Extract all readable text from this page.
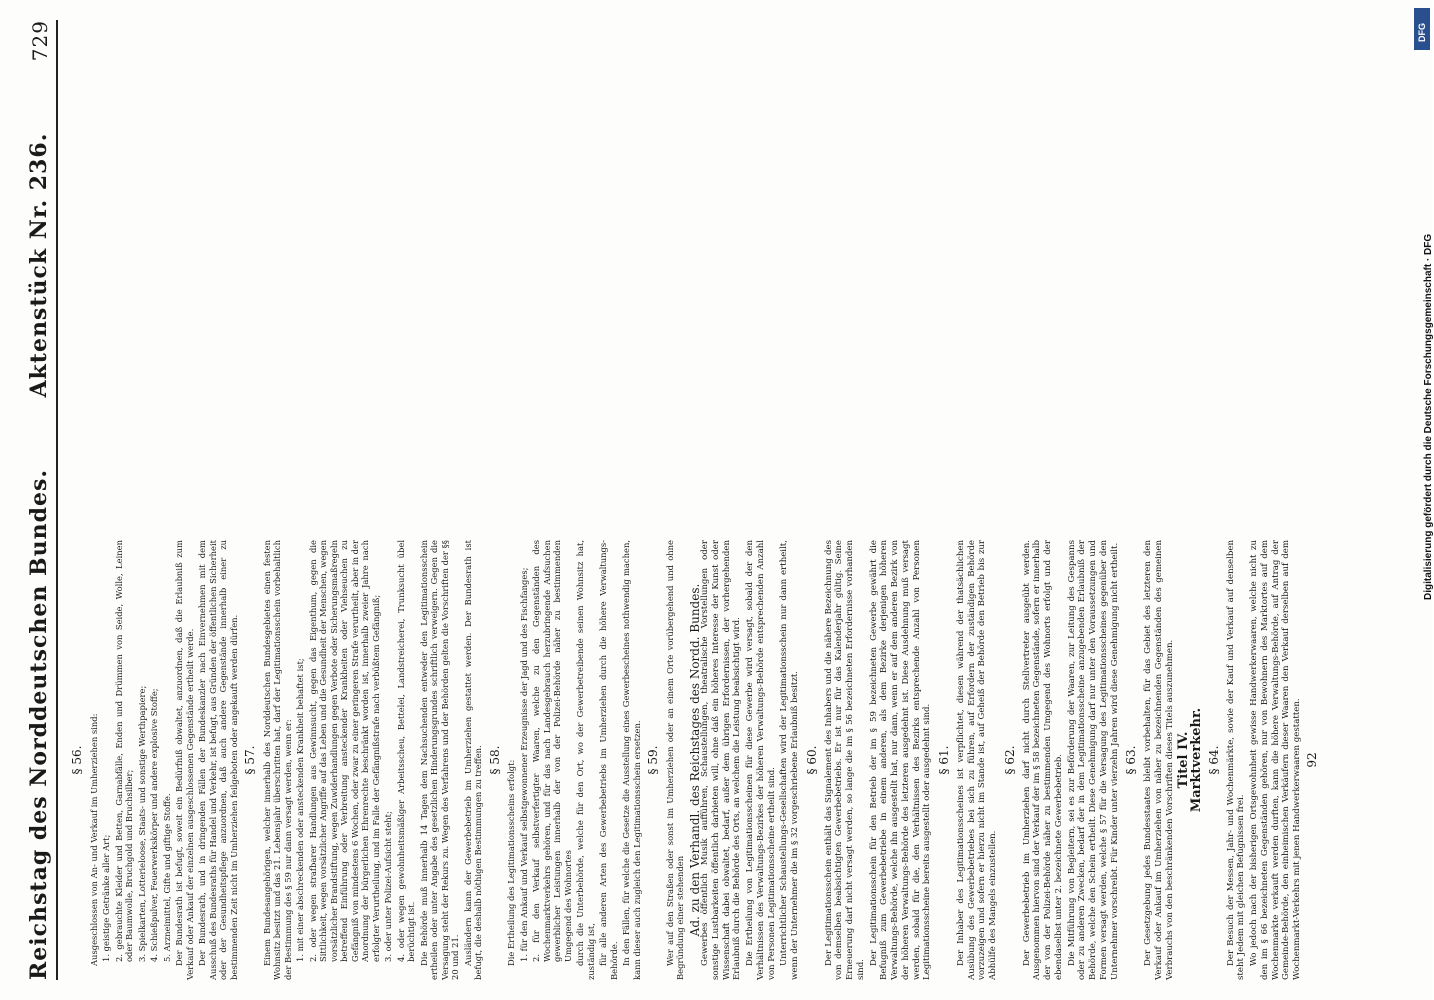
Reichstag des Norddeutschen Bundes.
Aktenstück Nr. 236.
729
§ 56. Ausgeschlossen von An- und Verkauf im Umherziehen sind: 1. geistige Getränke aller Art; 2. gebrauchte Kleider und Betten, Garnabfälle, Enden und Drümmen von Seide, Wolle, Leinen oder Baumwolle, Bruchgold und Bruchsilber; 3. Spielkarten, Lotterieloose, Staats- und sonstige Werthpapiere; 4. Schießpulver, Feuerwerkskörper und andere explosive Stoffe; 5. Arzneimittel, Gifte und giftige Stoffe. Der Bundesrath ist befugt, soweit ein Bedürfniß obwaltet, anzuordnen, daß die Erlaubniß zum Verkauf oder Ankauf der einzelnen ausgeschlossenen Gegenstände ertheilt werde. Der Bundesrath, und in dringenden Fällen der Bundeskanzler nach Einvernehmen mit dem Ausschuß des Bundesraths für Handel und Verkehr, ist befugt, aus Gründen der öffentlichen Sicherheit oder der Gesundheitspflege anzuordnen, daß auch andere Gegenstände innerhalb einer zu bestimmenden Zeit nicht im Umherziehen feilgeboten oder angekauft werden dürfen. § 57. Einem Bundesangehörigen, welcher innerhalb des Norddeutschen Bundesgebietes einen festen Wohnsitz besitzt und das 21. Lebensjahr überschritten hat, darf der Legitimationsschein vorbehaltlich der Bestimmung des § 59 nur dann versagt werden, wenn er: 1. mit einer abschreckenden oder ansteckenden Krankheit behaftet ist; 2. oder wegen strafbarer Handlungen aus Gewinnsucht, gegen das Eigenthum, gegen die Sittlichkeit, wegen vorsätzlicher Angriffe auf das Leben und die Gesundheit der Menschen, wegen vorsätzlicher Brandstiftung, wegen Zuwiderhandlungen gegen Verbote oder Sicherungsmaßregeln betreffend Einführung oder Verbreitung ansteckender Krankheiten oder Viehseuchen zu Gefängniß von mindestens 6 Wochen, oder zwar zu einer geringeren Strafe verurtheilt, aber in der Anordnung der bürgerlichen Ehrenrechte beschränkt worden ist, innerhalb zweier Jahre nach erfolgter Verurtheilung, und im Falle der Gefängnißstrafe nach verbüßtem Gefängniß; 3. oder unter Polizei-Aufsicht steht; 4. oder wegen gewohnheitsmäßiger Arbeitsscheu, Bettelei, Landstreicherei, Trunksucht übel berüchtigt ist. Die Behörde muß innerhalb 14 Tagen dem Nachsuchenden entweder den Legitimationsschein ertheilen oder unter Angabe des gesetzlichen Hinderungsgrundes schriftlich verweigern. Gegen die Versagung steht der Rekurs zu. Wegen des Verfahrens und der Behörden gelten die Vorschriften der §§ 20 und 21. Ausländern kann der Gewerbebetrieb im Umherziehen gestattet werden. Der Bundesrath ist befugt, die deshalb nöthigen Bestimmungen zu treffen. § 58. Die Ertheilung des Legitimationsscheins erfolgt: 1. für den Ankauf und Verkauf selbstgewonnener Erzeugnisse der Jagd und des Fischfanges; 2. für den Verkauf selbstverfertigter Waaren, welche zu den Gegenständen des Wochenmarktverkehrs gehören, und für das nach Landesgebrauch herzubringende Aufsuchen gewerblicher Leistungen innerhalb der von der Polizei-Behörde näher zu bestimmenden Umgegend des Wohnortes durch die Unterbehörde, welche für den Ort, wo der Gewerbetreibende seinen Wohnsitz hat, zuständig ist, für alle anderen Arten des Gewerbebetriebs im Umherziehen durch die höhere Verwaltungs-Behörde. In den Fällen, für welche die Gesetze die Ausstellung eines Gewerbescheines nothwendig machen, kann dieser auch zugleich den Legitimationsschein ersetzen. § 59. Wer auf den Straßen oder sonst im Umherziehen oder an einem Orte vorübergehend und ohne Begründung einer stehenden Ad. zu den Verhandl. des Reichstages des Nordd. Bundes.

Gewerbes öffentlich Musik aufführen, Schaustellungen, theatralische Vorstellungen oder sonstige Lustbarkeiten öffentlich darbieten will, ohne daß ein höheres Interesse der Kunst oder Wissenschaft dabei obwaltet, bedarf, außer dem übrigen Erfordernissen, der vorhergehenden Erlaubniß durch die Behörde des Orts, an welchem die Leistung beabsichtigt wird. Die Ertheilung von Legitimationsscheinen für diese Gewerbe wird versagt, sobald der den Verhältnissen des Verwaltungs-Bezirkes der höheren Verwaltungs-Behörde entsprechenden Anzahl von Personen Legitimationsscheine ertheilt sind. Unterrichtlicher Schaustellungs-Gesellschaften wird der Legitimationsschein nur dann ertheilt, wenn der Unternehmer die im § 32 vorgeschriebene Erlaubniß besitzt. § 60. Der Legitimationsschein enthält das Signalement des Inhabers und die nähere Bezeichnung des von demselben beabsichtigten Gewerbebetriebs. Er ist nur für das Kalenderjahr gültig. Seine Erneuerung darf nicht versagt werden, so lange die im § 56 bezeichneten Erfordernisse vorhanden sind.

Der Legitimationsschein für den Betrieb der im § 59 bezeichneten Gewerbe gewährt die Befugniß zum Gewerbebetriebe in einem anderen, als dem Bezirke derjenigen höheren Verwaltungs-Behörde, welche ihn ausgestellt hat, nur dann, wenn er auf dem anderen Bezirk von der höheren Verwaltungs-Behörde des letzteren ausgedehnt ist. Diese Ausdehnung muß versagt werden, sobald für die, den Verhältnissen des Bezirks entsprechende Anzahl von Personen Legitimationsscheine bereits ausgestellt oder ausgedehnt sind. § 61. Der Inhaber des Legitimationsscheines ist verpflichtet, diesen während der thatsächlichen Ausübung des Gewerbebetriebes bei sich zu führen, auf Erfordern der zuständigen Behörde vorzuzeigen und sofern er hierzu nicht im Stande ist, auf Geheiß der Behörde den Betrieb bis zur Abhülfe des Mangels einzustellen.

§ 62. Der Gewerbebetrieb im Umherziehen darf nicht durch Stellvertreter ausgeübt werden. Ausgenommen hiervon sind der Verkauf der im § 58 bezeichneten Gegenstände, sofern er innerhalb der von der Polizei-Behörde näher zu bestimmenden Umgegend des Wohnorts erfolgt und der ebendaselbst unter 2. bezeichnete Gewerbebetrieb. Die Mitführung von Begleitern, sei es zur Beförderung der Waaren, zur Leitung des Gespanns oder zu anderen Zwecken, bedarf der in dem Legitimationsscheine anzugebenden Erlaubniß der Behörde, welche den Schein ertheilt. Diese Genehmigung darf nur unter den Voraussetzungen und Formen versagt werden, welche § 57 für die Versagung des Legitimationsscheines gegenüber den Unternehmer vorschreibt. Für Kinder unter vierzehn Jahren wird diese Genehmigung nicht ertheilt. § 63. Der Gesetzgebung jedes Bundesstaates bleibt vorbehalten, für das Gebiet des letzteren den Verkauf oder Ankauf im Umherziehen von näher zu bezeichnenden Gegenständen des gemeinen Verbrauchs von den beschränkenden Vorschriften dieses Titels auszunehmen. Titel IV.
Marktverkehr. § 64. Der Besuch der Messen, Jahr- und Wochenmärkte, sowie der Kauf und Verkauf auf denselben steht Jedem mit gleichen Befugnissen frei. Wo jedoch nach der bisherigen Ortsgewohnheit gewisse Handwerkerwaaren, welche nicht zu den im § 66 bezeichneten Gegenständen gehören, nur von Bewohnern des Marktortes auf dem Wochenmarkte verkauft werden durften, kann die höhere Verwaltungs-Behörde, auf Antrag der Gemeinde-Behörde, den einheimischen Verkäufern dieser Waaren den Verkauf derselben auf dem Wochenmarkt-Verkehrs mit jenen Handwerkerwaaren gestatten. 92
DFG
Digitalisierung gefördert durch die Deutsche Forschungsgemeinschaft · DFG
